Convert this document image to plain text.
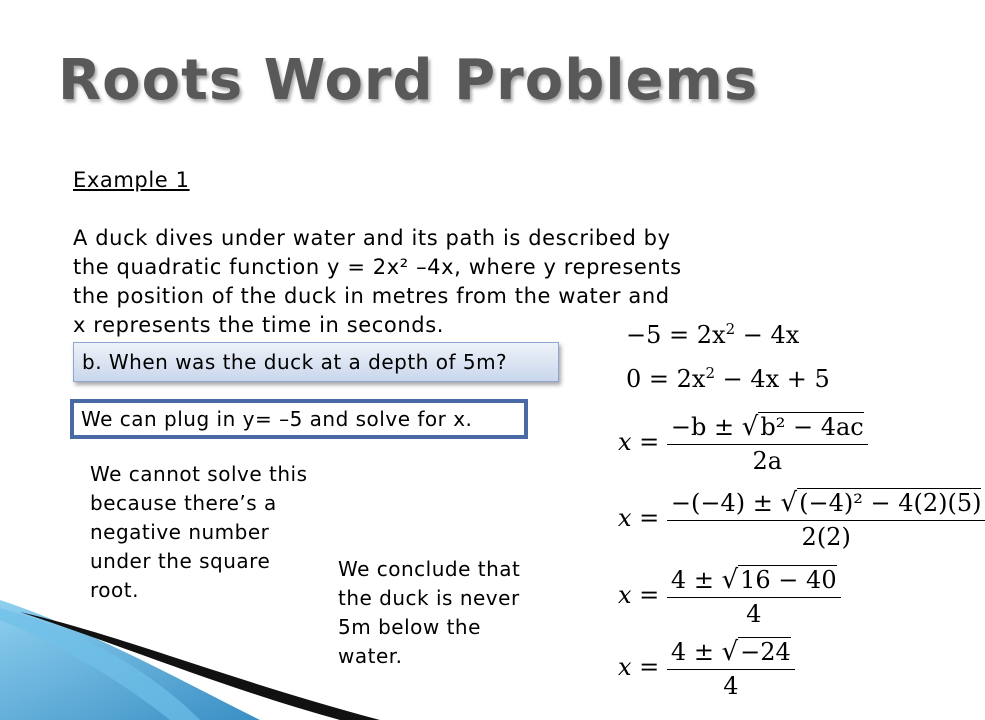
Roots Word Problems
Example 1
A duck dives under water and its path is described by
the quadratic function y = 2x² –4x, where y represents
the position of the duck in metres from the water and
x represents the time in seconds.
b. When was the duck at a depth of 5m?
We can plug in y= –5 and solve for x.
We cannot solve this because there’s a negative number under the square root.
We conclude that the duck is never 5m below the water.
$-5 = 2x^2 - 4x$
$0 = 2x^2 - 4x + 5$
$x = \frac{\text{−b ± √b² − 4ac}}{2a}$
$x = \frac{\text{−(−4) ± √(−4)² − 4(2)(5)}}{2(2)}$
$x = \frac{4 \pm √16 - 40}{4}$
$x = \frac{4 \pm √-24}{4}$
